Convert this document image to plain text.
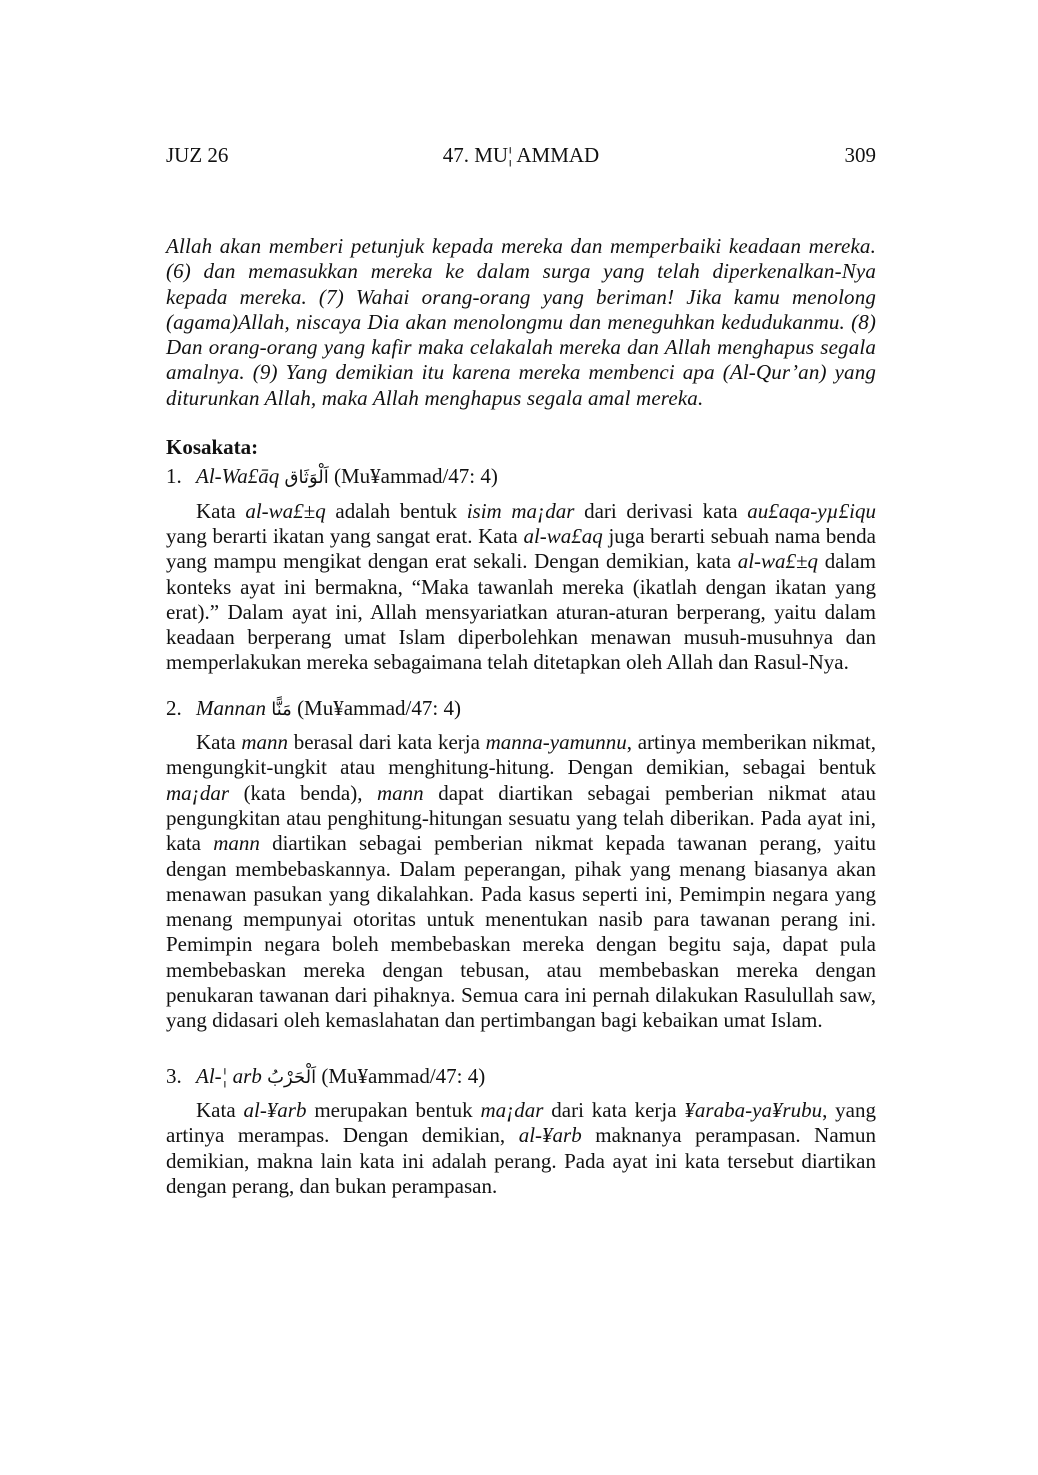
JUZ 26	47. MU¦ AMMAD	309

Allah akan memberi petunjuk kepada mereka dan memperbaiki keadaan mereka. (6) dan memasukkan mereka ke dalam surga yang telah diperkenalkan-Nya kepada mereka. (7) Wahai orang-orang yang beriman! Jika kamu menolong (agama)Allah, niscaya Dia akan menolongmu dan meneguhkan kedudukanmu. (8) Dan orang-orang yang kafir maka celakalah mereka dan Allah menghapus segala amalnya. (9) Yang demikian itu karena mereka membenci apa (Al-Qur’an) yang diturunkan Allah, maka Allah menghapus segala amal mereka.

Kosakata:
1. Al-Wa£āq اَلْوَثَاق (Mu¥ammad/47: 4)

Kata al-wa£±q adalah bentuk isim ma¡dar dari derivasi kata au£aqa-yµ£iqu yang berarti ikatan yang sangat erat. Kata al-wa£aq juga berarti sebuah nama benda yang mampu mengikat dengan erat sekali. Dengan demikian, kata al-wa£±q dalam konteks ayat ini bermakna, “Maka tawanlah mereka (ikatlah dengan ikatan yang erat).” Dalam ayat ini, Allah mensyariatkan aturan-aturan berperang, yaitu dalam keadaan berperang umat Islam diperbolehkan menawan musuh-musuhnya dan memperlakukan mereka sebagaimana telah ditetapkan oleh Allah dan Rasul-Nya.

2. Mannan مَنًّا (Mu¥ammad/47: 4)

Kata mann berasal dari kata kerja manna-yamunnu, artinya memberikan nikmat, mengungkit-ungkit atau menghitung-hitung. Dengan demikian, sebagai bentuk ma¡dar (kata benda), mann dapat diartikan sebagai pemberian nikmat atau pengungkitan atau penghitung-hitungan sesuatu yang telah diberikan. Pada ayat ini, kata mann diartikan sebagai pemberian nikmat kepada tawanan perang, yaitu dengan membebaskannya. Dalam peperangan, pihak yang menang biasanya akan menawan pasukan yang dikalahkan. Pada kasus seperti ini, Pemimpin negara yang menang mempunyai otoritas untuk menentukan nasib para tawanan perang ini. Pemimpin negara boleh membebaskan mereka dengan begitu saja, dapat pula membebaskan mereka dengan tebusan, atau membebaskan mereka dengan penukaran tawanan dari pihaknya. Semua cara ini pernah dilakukan Rasulullah saw, yang didasari oleh kemaslahatan dan pertimbangan bagi kebaikan umat Islam.

3. Al-¦ arb اَلْحَرْبُ (Mu¥ammad/47: 4)

Kata al-¥arb merupakan bentuk ma¡dar dari kata kerja ¥araba-ya¥rubu, yang artinya merampas. Dengan demikian, al-¥arb maknanya perampasan. Namun demikian, makna lain kata ini adalah perang. Pada ayat ini kata tersebut diartikan dengan perang, dan bukan perampasan.
